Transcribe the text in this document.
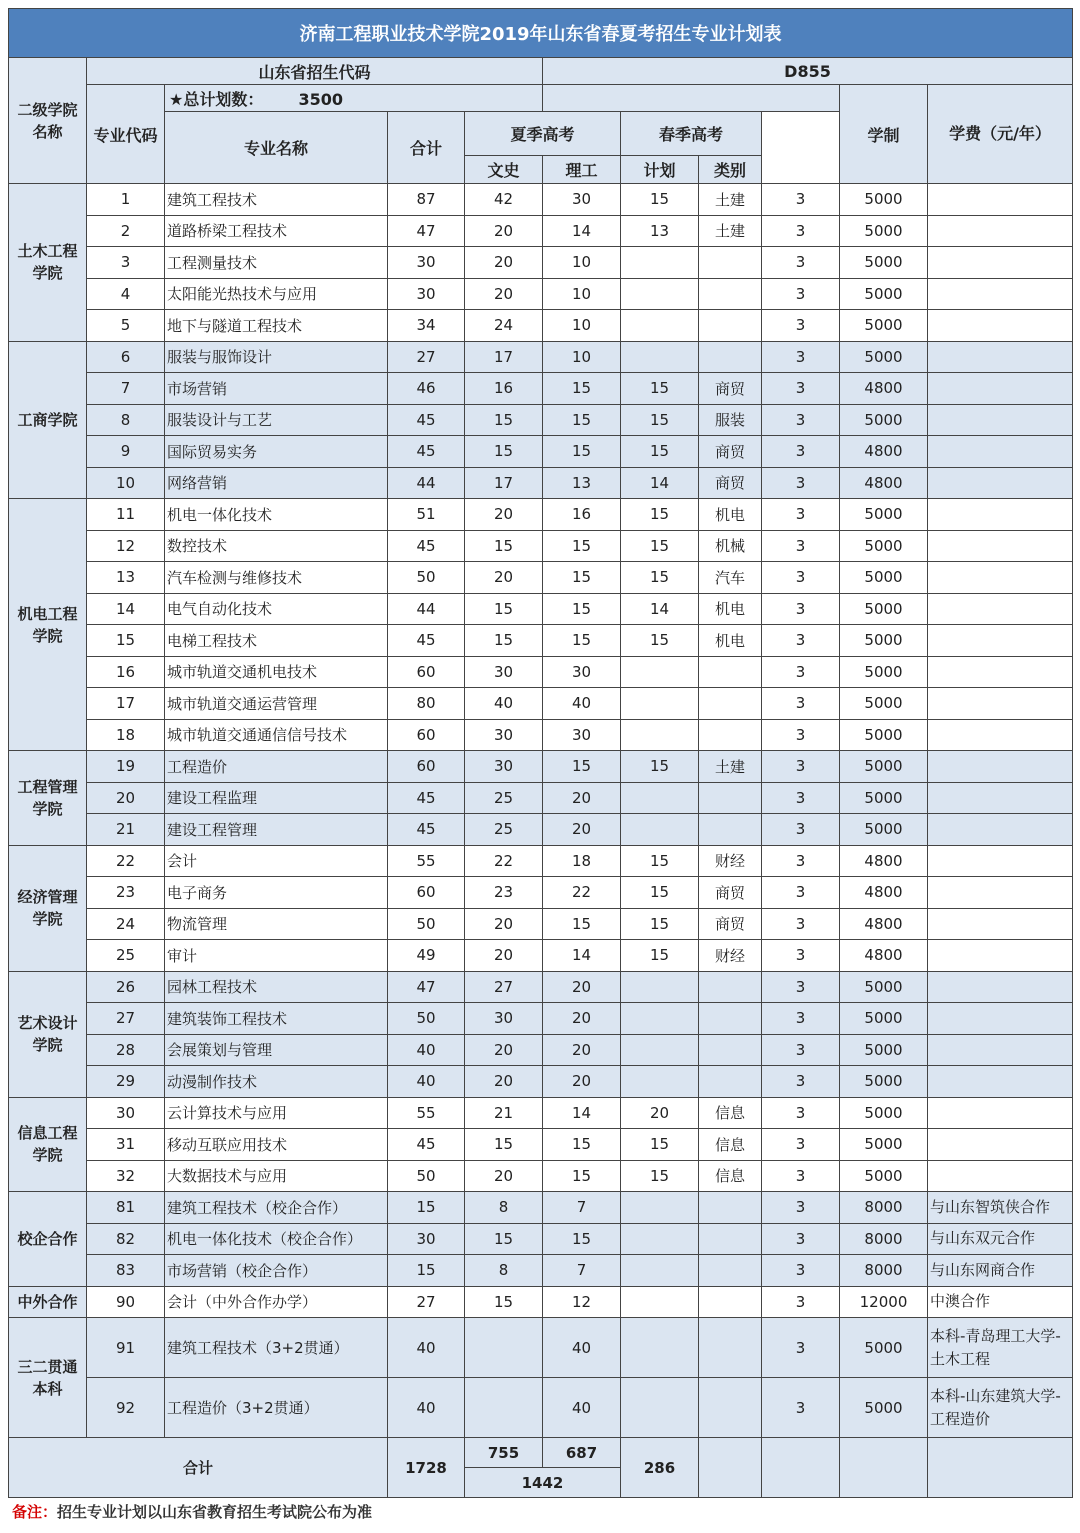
济南工程职业技术学院2019年山东省春夏考招生专业计划表											
二级学院名称	山东省招生代码				D855						
	专业代码	★总计划数： 3500							学制	学费（元/年）	
		专业名称	合计	夏季高考		春季高考					
				文史	理工	计划	类别				
土木工程学院	1	建筑工程技术	87	42	30	15	土建	3	5000		
	2	道路桥梁工程技术	47	20	14	13	土建	3	5000		
	3	工程测量技术	30	20	10			3	5000		
	4	太阳能光热技术与应用	30	20	10			3	5000		
	5	地下与隧道工程技术	34	24	10			3	5000		
工商学院	6	服装与服饰设计	27	17	10			3	5000		
	7	市场营销	46	16	15	15	商贸	3	4800		
	8	服装设计与工艺	45	15	15	15	服装	3	5000		
	9	国际贸易实务	45	15	15	15	商贸	3	4800		
	10	网络营销	44	17	13	14	商贸	3	4800		
机电工程学院	11	机电一体化技术	51	20	16	15	机电	3	5000		
	12	数控技术	45	15	15	15	机械	3	5000		
	13	汽车检测与维修技术	50	20	15	15	汽车	3	5000		
	14	电气自动化技术	44	15	15	14	机电	3	5000		
	15	电梯工程技术	45	15	15	15	机电	3	5000		
	16	城市轨道交通机电技术	60	30	30			3	5000		
	17	城市轨道交通运营管理	80	40	40			3	5000		
	18	城市轨道交通通信信号技术	60	30	30			3	5000		
工程管理学院	19	工程造价	60	30	15	15	土建	3	5000		
	20	建设工程监理	45	25	20			3	5000		
	21	建设工程管理	45	25	20			3	5000		
经济管理学院	22	会计	55	22	18	15	财经	3	4800		
	23	电子商务	60	23	22	15	商贸	3	4800		
	24	物流管理	50	20	15	15	商贸	3	4800		
	25	审计	49	20	14	15	财经	3	4800		
艺术设计学院	26	园林工程技术	47	27	20			3	5000		
	27	建筑装饰工程技术	50	30	20			3	5000		
	28	会展策划与管理	40	20	20			3	5000		
	29	动漫制作技术	40	20	20			3	5000		
信息工程学院	30	云计算技术与应用	55	21	14	20	信息	3	5000		
	31	移动互联应用技术	45	15	15	15	信息	3	5000		
	32	大数据技术与应用	50	20	15	15	信息	3	5000		
校企合作	81	建筑工程技术（校企合作）	15	8	7			3	8000	与山东智筑侠合作	
	82	机电一体化技术（校企合作）	30	15	15			3	8000	与山东双元合作	
	83	市场营销（校企合作）	15	8	7			3	8000	与山东网商合作	
中外合作	90	会计（中外合作办学）	27	15	12			3	12000	中澳合作	
三二贯通本科	91	建筑工程技术（3+2贯通）	40		40			3	5000	本科-青岛理工大学-土木工程	
	92	工程造价（3+2贯通）	40		40			3	5000	本科-山东建筑大学-工程造价	
合计			1728	755	687	286					
				1442							
备注：招生专业计划以山东省教育招生考试院公布为准
